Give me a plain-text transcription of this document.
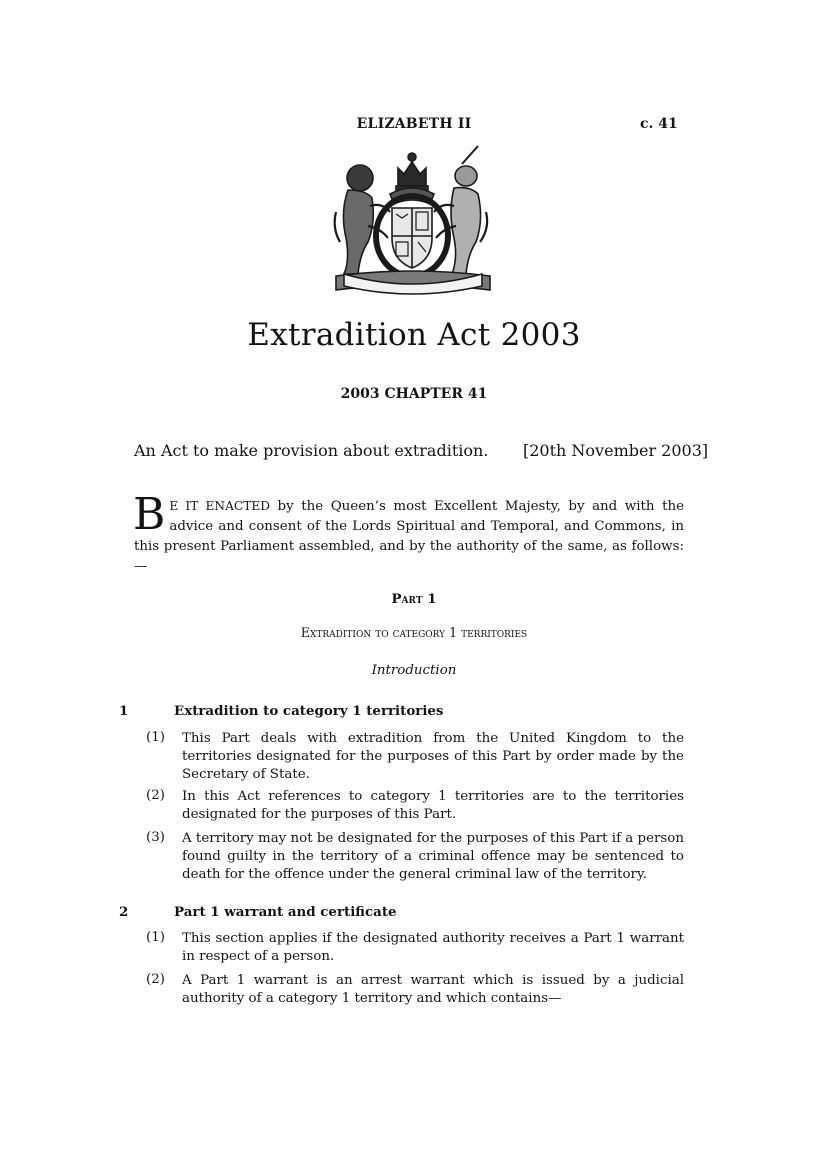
ELIZABETH II	c. 41
Extradition Act 2003
2003 CHAPTER 41
An Act to make provision about extradition. [20th November 2003]
B E IT ENACTED by the Queen’s most Excellent Majesty, by and with the advice and consent of the Lords Spiritual and Temporal, and Commons, in this present Parliament assembled, and by the authority of the same, as follows:—
Part 1
Extradition to category 1 territories
Introduction
1	Extradition to category 1 territories
(1) This Part deals with extradition from the United Kingdom to the territories designated for the purposes of this Part by order made by the Secretary of State.
(2) In this Act references to category 1 territories are to the territories designated for the purposes of this Part.
(3) A territory may not be designated for the purposes of this Part if a person found guilty in the territory of a criminal offence may be sentenced to death for the offence under the general criminal law of the territory.
2	Part 1 warrant and certificate
(1) This section applies if the designated authority receives a Part 1 warrant in respect of a person.
(2) A Part 1 warrant is an arrest warrant which is issued by a judicial authority of a category 1 territory and which contains—
